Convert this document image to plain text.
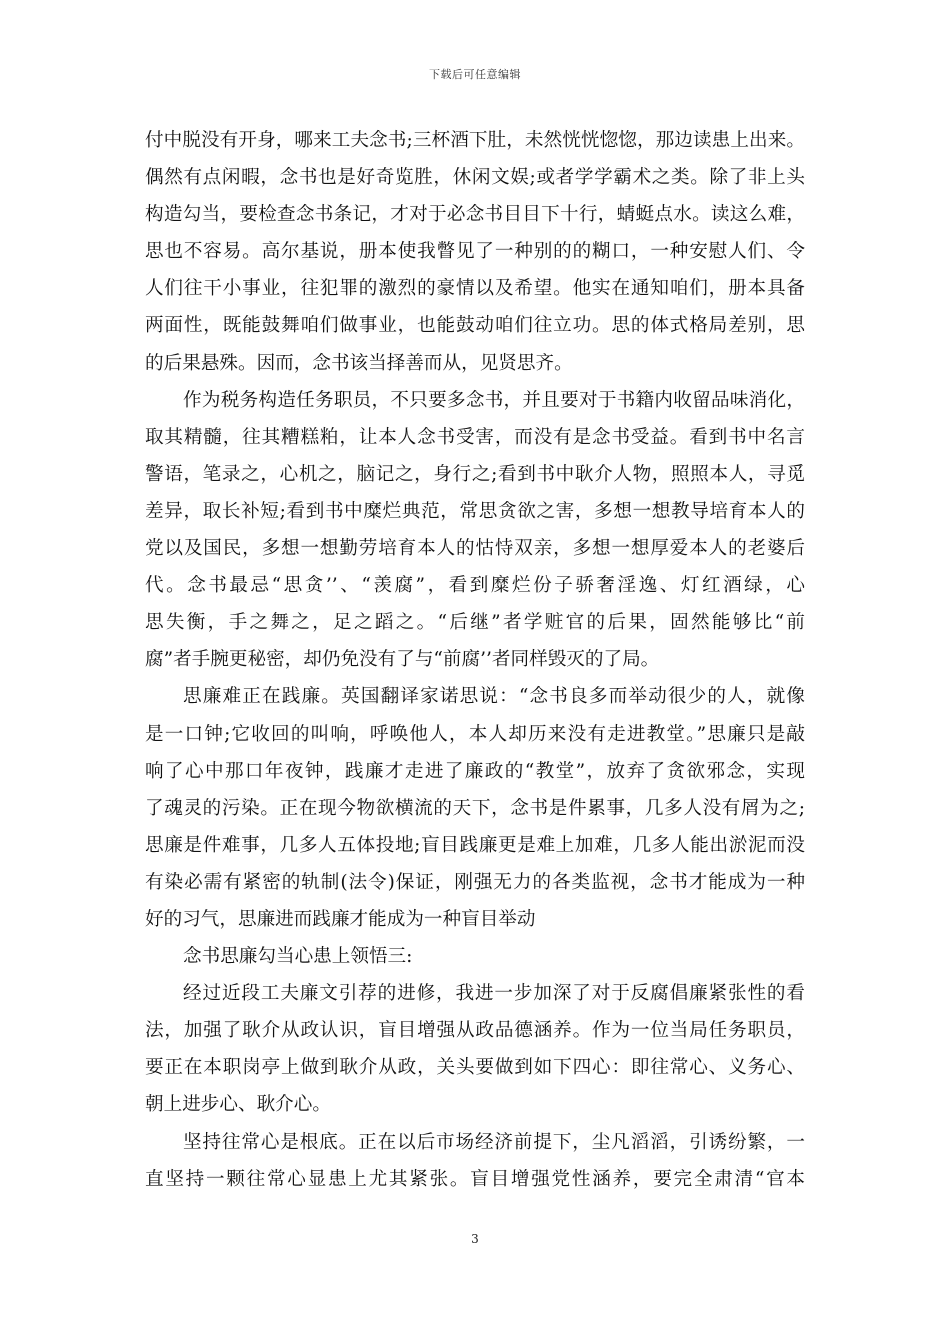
下载后可任意编辑
付中脱没有开身，哪来工夫念书;三杯酒下肚，未然恍恍惚惚，那边读患上出来。
偶然有点闲暇，念书也是好奇览胜，休闲文娱;或者学学霸术之类。除了非上头
构造勾当，要检查念书条记，才对于必念书目目下十行，蜻蜓点水。读这么难，
思也不容易。高尔基说，册本使我瞥见了一种别的的糊口，一种安慰人们、令
人们往干小事业，往犯罪的激烈的豪情以及希望。他实在通知咱们，册本具备
两面性，既能鼓舞咱们做事业，也能鼓动咱们往立功。思的体式格局差别，思
的后果悬殊。因而，念书该当择善而从，见贤思齐。
作为税务构造任务职员，不只要多念书，并且要对于书籍内收留品味消化，
取其精髓，往其糟糕粕，让本人念书受害，而没有是念书受益。看到书中名言
警语，笔录之，心机之，脑记之，身行之;看到书中耿介人物，照照本人，寻觅
差异，取长补短;看到书中糜烂典范，常思贪欲之害，多想一想教导培育本人的
党以及国民，多想一想勤劳培育本人的怙恃双亲，多想一想厚爱本人的老婆后
代。念书最忌“思贪’’、“羡腐”，看到糜烂份子骄奢淫逸、灯红酒绿，心
思失衡，手之舞之，足之蹈之。“后继”者学赃官的后果，固然能够比“前
腐”者手腕更秘密，却仍免没有了与“前腐’’者同样毁灭的了局。
思廉难正在践廉。英国翻译家诺思说：“念书良多而举动很少的人，就像
是一口钟;它收回的叫响，呼唤他人，本人却历来没有走进教堂。”思廉只是敲
响了心中那口年夜钟，践廉才走进了廉政的“教堂”，放弃了贪欲邪念，实现
了魂灵的污染。正在现今物欲横流的天下，念书是件累事，几多人没有屑为之;
思廉是件难事，几多人五体投地;盲目践廉更是难上加难，几多人能出淤泥而没
有染必需有紧密的轨制(法令)保证，刚强无力的各类监视，念书才能成为一种
好的习气，思廉进而践廉才能成为一种盲目举动
念书思廉勾当心患上领悟三:
经过近段工夫廉文引荐的进修，我进一步加深了对于反腐倡廉紧张性的看
法，加强了耿介从政认识，盲目增强从政品德涵养。作为一位当局任务职员，
要正在本职岗亭上做到耿介从政，关头要做到如下四心：即往常心、义务心、
朝上进步心、耿介心。
坚持往常心是根底。正在以后市场经济前提下，尘凡滔滔，引诱纷繁，一
直坚持一颗往常心显患上尤其紧张。盲目增强党性涵养，要完全肃清“官本
3
